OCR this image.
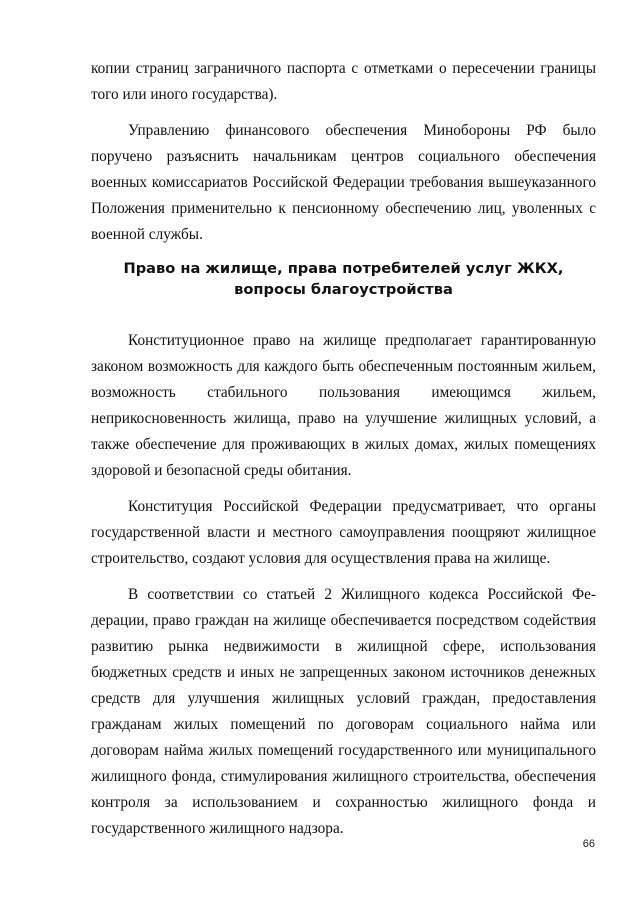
копии страниц заграничного паспорта с отметками о пересечении границы того или иного государства).

Управлению финансового обеспечения Минобороны РФ было поручено разъяснить начальникам центров социального обеспечения военных комиссариатов Российской Федерации требования вышеуказанного Положения применительно к пенсионному обеспечению лиц, уволенных с военной службы.

Право на жилище, права потребителей услуг ЖКХ, вопросы благоустройства

Конституционное право на жилище предполагает гарантированную законом возможность для каждого быть обеспеченным постоянным жильем, возможность стабильного пользования имеющимся жильем, неприкосновенность жилища, право на улучшение жилищных условий, а также обеспечение для проживающих в жилых домах, жилых помещениях здоровой и безопасной среды обитания.

Конституция Российской Федерации предусматривает, что органы государственной власти и местного самоуправления поощряют жилищное строительство, создают условия для осуществления права на жилище.

В соответствии со статьей 2 Жилищного кодекса Российской Федерации, право граждан на жилище обеспечивается посредством содействия развитию рынка недвижимости в жилищной сфере, использования бюджетных средств и иных не запрещенных законом источников денежных средств для улучшения жилищных условий граждан, предоставления гражданам жилых помещений по договорам социального найма или договорам найма жилых помещений государственного или муниципального жилищного фонда, стимулирования жилищного строительства, обеспечения контроля за использованием и сохранностью жилищного фонда и государственного жилищного надзора.

66
